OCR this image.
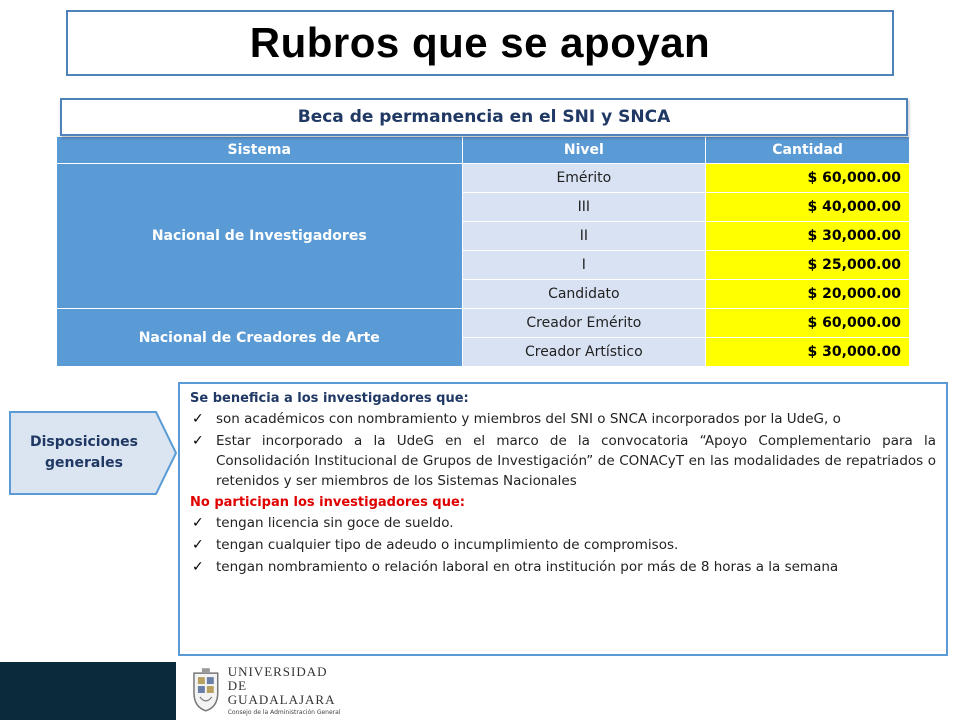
Rubros que se apoyan
Beca de permanencia en el SNI y SNCA
Sistema	Nivel	Cantidad
Nacional de Investigadores	Emérito	$ 60,000.00
	III	$ 40,000.00
	II	$ 30,000.00
	I	$ 25,000.00
	Candidato	$ 20,000.00
Nacional de Creadores de Arte	Creador Emérito	$ 60,000.00
	Creador Artístico	$ 30,000.00
Disposiciones
generales
Se beneficia a los investigadores que:
✓ son académicos con nombramiento y miembros del SNI o SNCA incorporados por la UdeG, o
✓ Estar incorporado a la UdeG en el marco de la convocatoria “Apoyo Complementario para la Consolidación Institucional de Grupos de Investigación” de CONACyT en las modalidades de repatriados o retenidos y ser miembros de los Sistemas Nacionales
No participan los investigadores que:
✓ tengan licencia sin goce de sueldo.
✓ tengan cualquier tipo de adeudo o incumplimiento de compromisos.
✓ tengan nombramiento o relación laboral en otra institución por más de 8 horas a la semana
UNIVERSIDAD DE
GUADALAJARA
Consejo de la Administración General
